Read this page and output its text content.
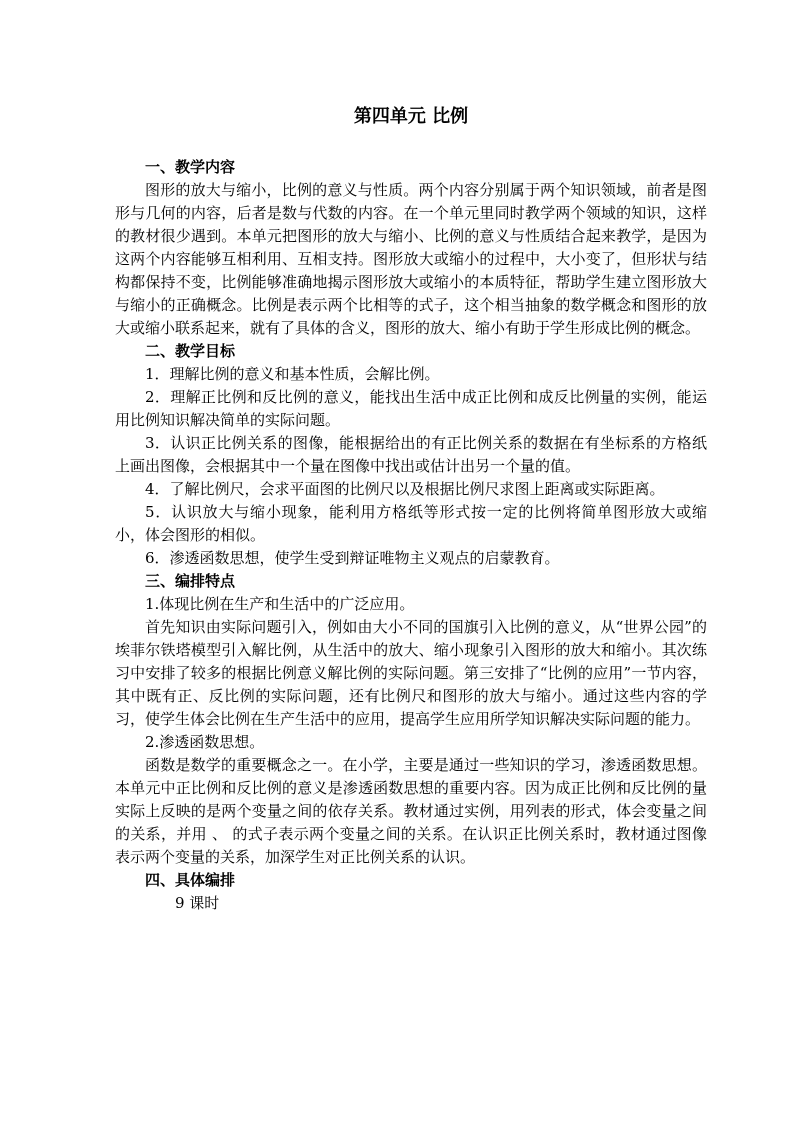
第四单元 比例
一、教学内容

图形的放大与缩小，比例的意义与性质。两个内容分别属于两个知识领域，前者是图形与几何的内容，后者是数与代数的内容。在一个单元里同时教学两个领域的知识，这样的教材很少遇到。本单元把图形的放大与缩小、比例的意义与性质结合起来教学，是因为这两个内容能够互相利用、互相支持。图形放大或缩小的过程中，大小变了，但形状与结构都保持不变，比例能够准确地揭示图形放大或缩小的本质特征，帮助学生建立图形放大与缩小的正确概念。比例是表示两个比相等的式子，这个相当抽象的数学概念和图形的放大或缩小联系起来，就有了具体的含义，图形的放大、缩小有助于学生形成比例的概念。

二、教学目标

1．理解比例的意义和基本性质，会解比例。

2．理解正比例和反比例的意义，能找出生活中成正比例和成反比例量的实例，能运用比例知识解决简单的实际问题。

3．认识正比例关系的图像，能根据给出的有正比例关系的数据在有坐标系的方格纸上画出图像，会根据其中一个量在图像中找出或估计出另一个量的值。

4．了解比例尺，会求平面图的比例尺以及根据比例尺求图上距离或实际距离。

5．认识放大与缩小现象，能利用方格纸等形式按一定的比例将简单图形放大或缩小，体会图形的相似。

6．渗透函数思想，使学生受到辩证唯物主义观点的启蒙教育。

三、编排特点

1.体现比例在生产和生活中的广泛应用。

首先知识由实际问题引入，例如由大小不同的国旗引入比例的意义，从“世界公园”的埃菲尔铁塔模型引入解比例，从生活中的放大、缩小现象引入图形的放大和缩小。其次练习中安排了较多的根据比例意义解比例的实际问题。第三安排了“比例的应用”一节内容，其中既有正、反比例的实际问题，还有比例尺和图形的放大与缩小。通过这些内容的学习，使学生体会比例在生产生活中的应用，提高学生应用所学知识解决实际问题的能力。

2.渗透函数思想。

函数是数学的重要概念之一。在小学，主要是通过一些知识的学习，渗透函数思想。本单元中正比例和反比例的意义是渗透函数思想的重要内容。因为成正比例和反比例的量实际上反映的是两个变量之间的依存关系。教材通过实例，用列表的形式，体会变量之间的关系，并用 、 的式子表示两个变量之间的关系。在认识正比例关系时，教材通过图像表示两个变量的关系，加深学生对正比例关系的认识。

四、具体编排

9 课时
